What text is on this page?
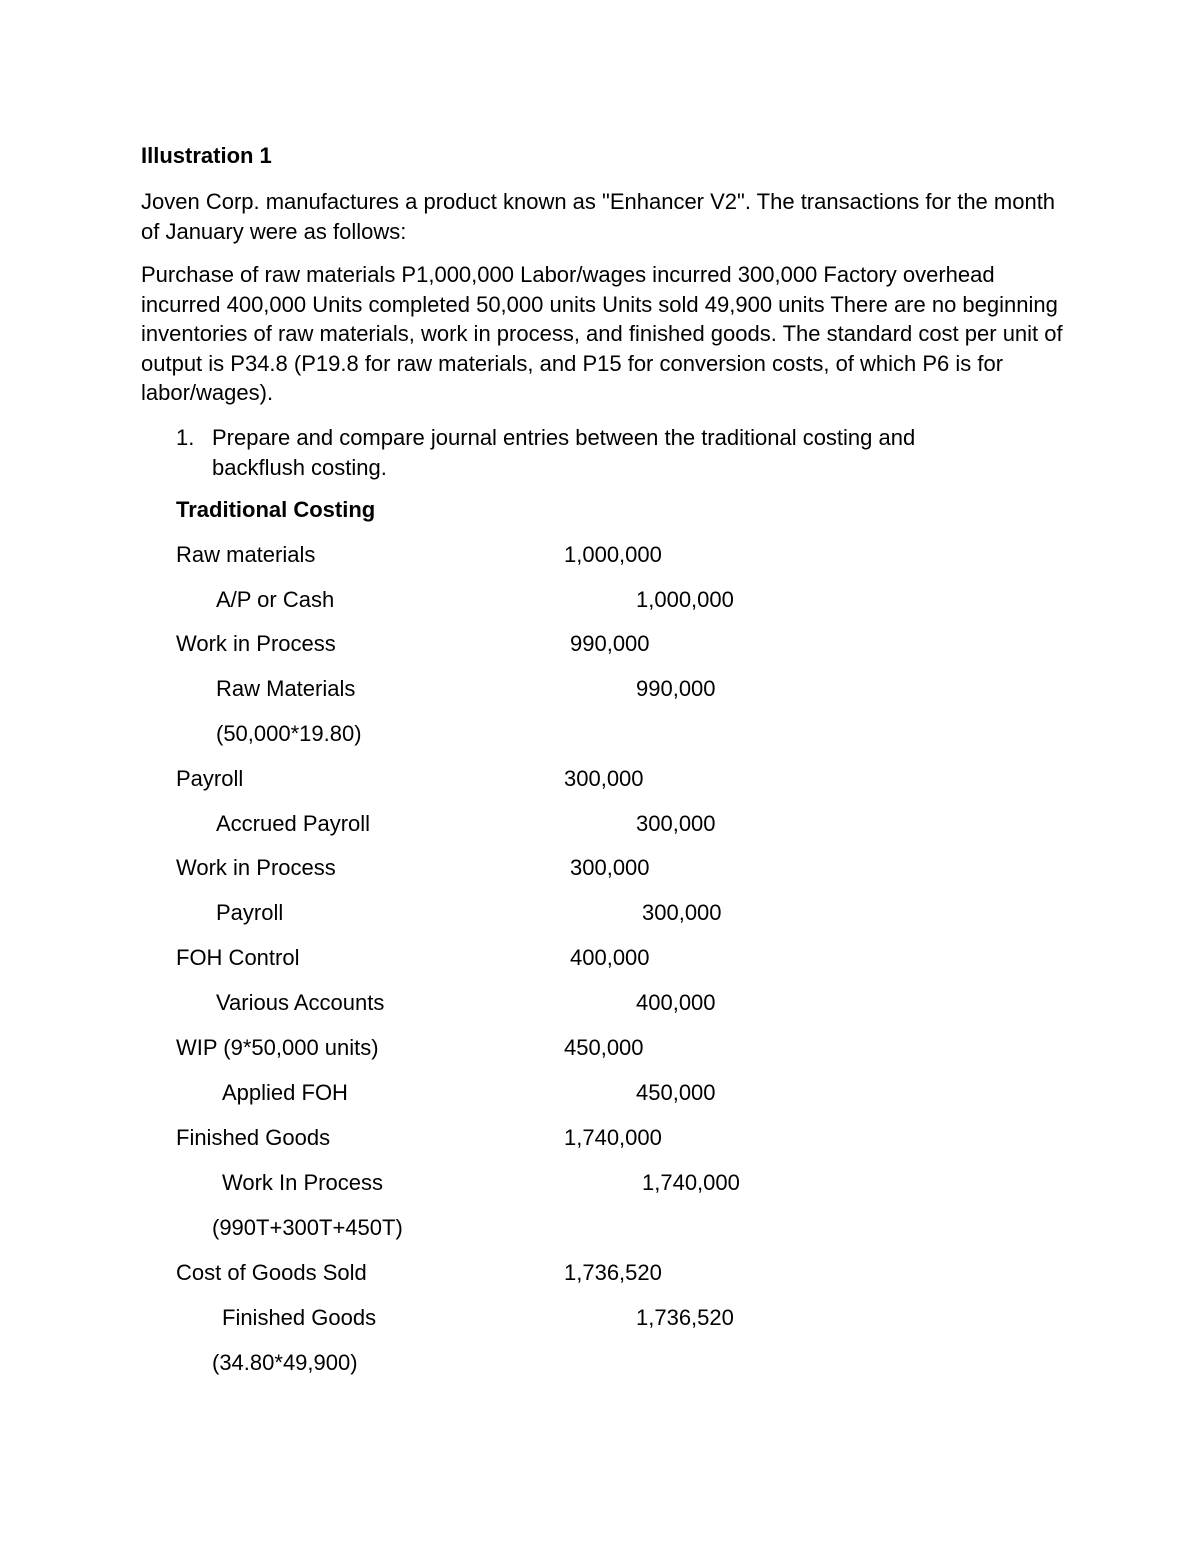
Illustration 1
Joven Corp. manufactures a product known as "Enhancer V2". The transactions for the month of January were as follows:
Purchase of raw materials P1,000,000 Labor/wages incurred 300,000 Factory overhead incurred 400,000 Units completed 50,000 units Units sold 49,900 units There are no beginning inventories of raw materials, work in process, and finished goods. The standard cost per unit of output is P34.8 (P19.8 for raw materials, and P15 for conversion costs, of which P6 is for labor/wages).
1. Prepare and compare journal entries between the traditional costing and backflush costing.
Traditional Costing
Raw materials	1,000,000
A/P or Cash	1,000,000
Work in Process	990,000
Raw Materials	990,000
(50,000*19.80)
Payroll	300,000
Accrued Payroll	300,000
Work in Process	300,000
Payroll	300,000
FOH Control	400,000
Various Accounts	400,000
WIP (9*50,000 units)	450,000
Applied FOH	450,000
Finished Goods	1,740,000
Work In Process	1,740,000
(990T+300T+450T)
Cost of Goods Sold	1,736,520
Finished Goods	1,736,520
(34.80*49,900)
